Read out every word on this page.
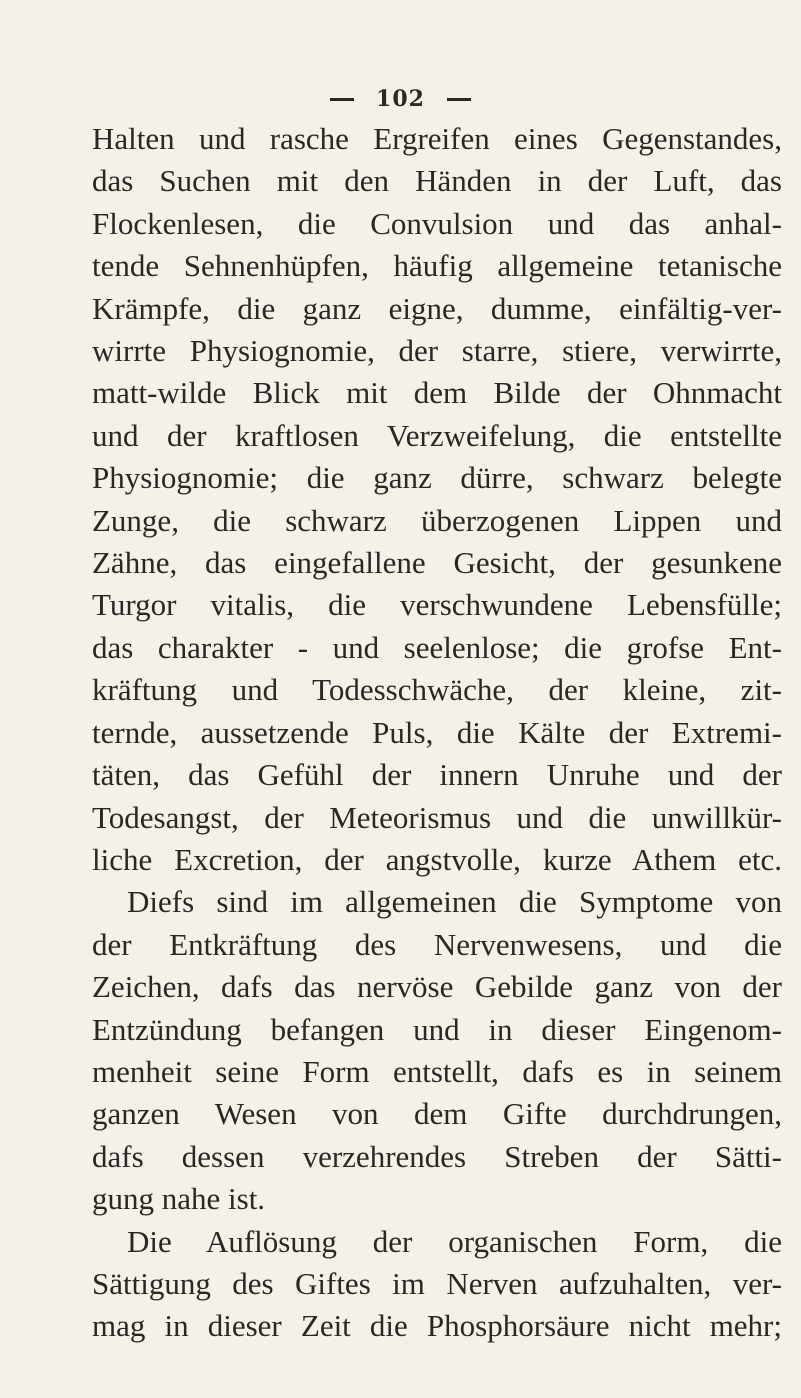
102
Halten und rasche Ergreifen eines Gegenstandes,
das Suchen mit den Händen in der Luft, das
Flockenlesen, die Convulsion und das anhal-
tende Sehnenhüpfen, häufig allgemeine tetanische
Krämpfe, die ganz eigne, dumme, einfältig-ver-
wirrte Physiognomie, der starre, stiere, verwirrte,
matt-wilde Blick mit dem Bilde der Ohnmacht
und der kraftlosen Verzweifelung, die entstellte
Physiognomie; die ganz dürre, schwarz belegte
Zunge, die schwarz überzogenen Lippen und
Zähne, das eingefallene Gesicht, der gesunkene
Turgor vitalis, die verschwundene Lebensfülle;
das charakter - und seelenlose; die grofse Ent-
kräftung und Todesschwäche, der kleine, zit-
ternde, aussetzende Puls, die Kälte der Extremi-
täten, das Gefühl der innern Unruhe und der
Todesangst, der Meteorismus und die unwillkür-
liche Excretion, der angstvolle, kurze Athem etc.
Diefs sind im allgemeinen die Symptome von
der Entkräftung des Nervenwesens, und die
Zeichen, dafs das nervöse Gebilde ganz von der
Entzündung befangen und in dieser Eingenom-
menheit seine Form entstellt, dafs es in seinem
ganzen Wesen von dem Gifte durchdrungen,
dafs dessen verzehrendes Streben der Sätti-
gung nahe ist.
Die Auflösung der organischen Form, die
Sättigung des Giftes im Nerven aufzuhalten, ver-
mag in dieser Zeit die Phosphorsäure nicht mehr;
